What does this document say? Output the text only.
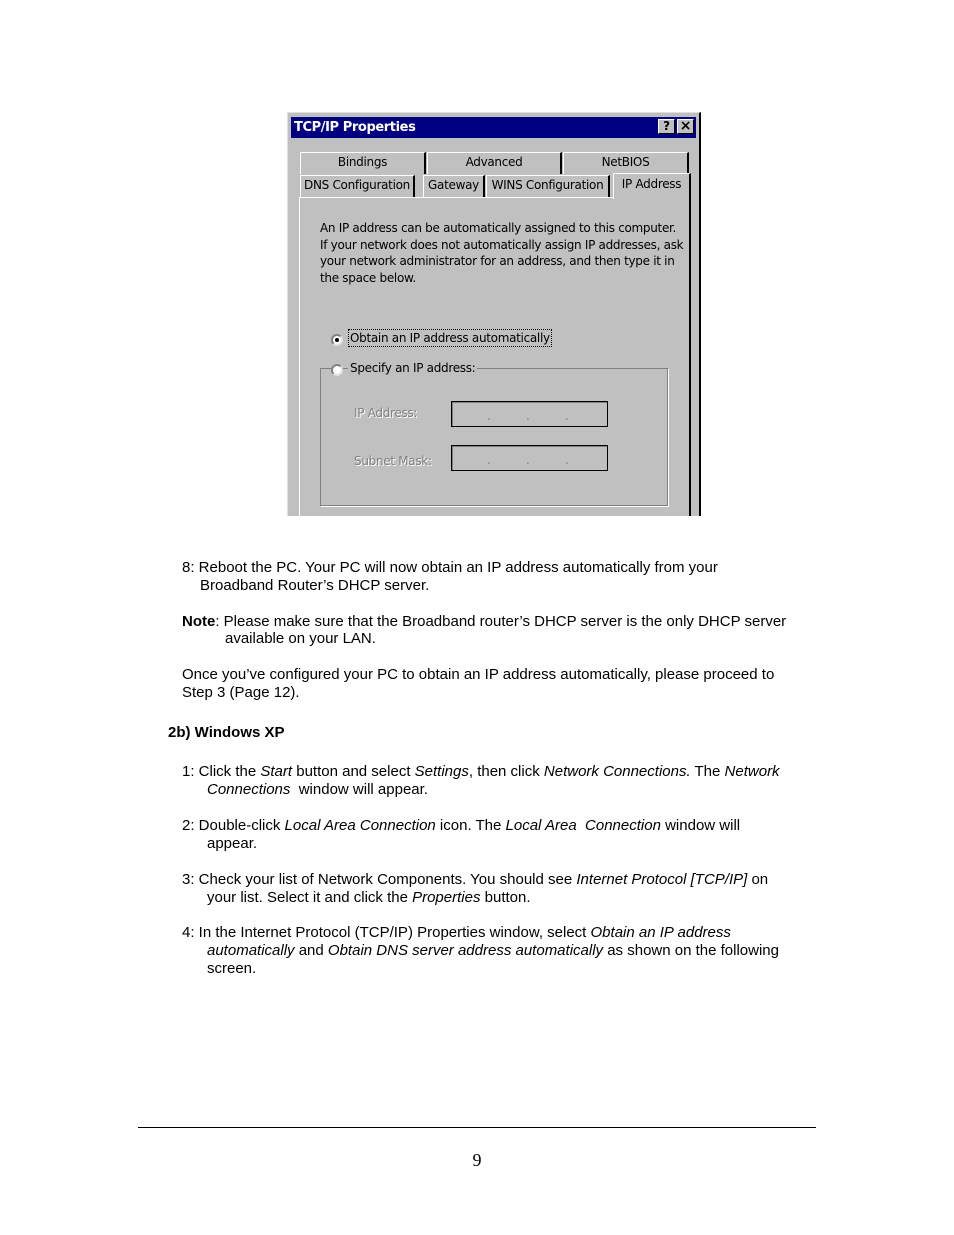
TCP/IP Properties	? ×
Bindings	Advanced	NetBIOS
DNS Configuration	Gateway	WINS Configuration	IP Address
An IP address can be automatically assigned to this computer.
If your network does not automatically assign IP addresses, ask
your network administrator for an address, and then type it in
the space below.
Obtain an IP address automatically
Specify an IP address:
IP Address:	.	.	.
Subnet Mask:	.	.	.
8: Reboot the PC. Your PC will now obtain an IP address automatically from your
Broadband Router’s DHCP server.
Note: Please make sure that the Broadband router’s DHCP server is the only DHCP server
available on your LAN.
Once you’ve configured your PC to obtain an IP address automatically, please proceed to
Step 3 (Page 12).
2b) Windows XP
1: Click the Start button and select Settings, then click Network Connections. The Network
Connections  window will appear.
2: Double-click Local Area Connection icon. The Local Area  Connection window will
appear.
3: Check your list of Network Components. You should see Internet Protocol [TCP/IP] on
your list. Select it and click the Properties button.
4: In the Internet Protocol (TCP/IP) Properties window, select Obtain an IP address
automatically and Obtain DNS server address automatically as shown on the following
screen.
9
